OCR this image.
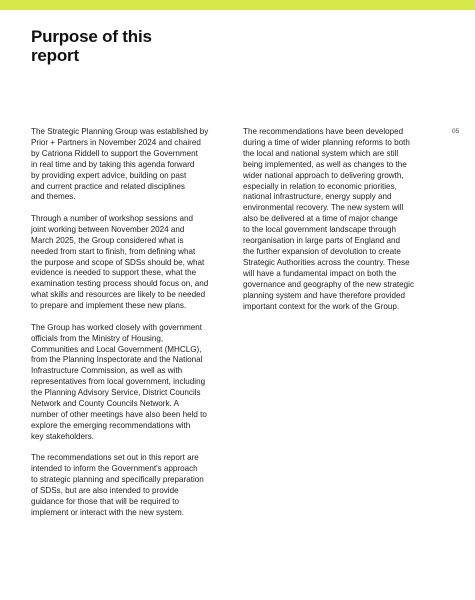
Purpose of this
report
05

The Strategic Planning Group was established by
Prior + Partners in November 2024 and chaired
by Catriona Riddell to support the Government
in real time and by taking this agenda forward
by providing expert advice, building on past
and current practice and related disciplines
and themes.

Through a number of workshop sessions and
joint working between November 2024 and
March 2025, the Group considered what is
needed from start to finish, from defining what
the purpose and scope of SDSs should be, what
evidence is needed to support these, what the
examination testing process should focus on, and
what skills and resources are likely to be needed
to prepare and implement these new plans.

The Group has worked closely with government
officials from the Ministry of Housing,
Communities and Local Government (MHCLG),
from the Planning Inspectorate and the National
Infrastructure Commission, as well as with
representatives from local government, including
the Planning Advisory Service, District Councils
Network and County Councils Network. A
number of other meetings have also been held to
explore the emerging recommendations with
key stakeholders.

The recommendations set out in this report are
intended to inform the Government's approach
to strategic planning and specifically preparation
of SDSs, but are also intended to provide
guidance for those that will be required to
implement or interact with the new system.

The recommendations have been developed
during a time of wider planning reforms to both
the local and national system which are still
being implemented, as well as changes to the
wider national approach to delivering growth,
especially in relation to economic priorities,
national infrastructure, energy supply and
environmental recovery. The new system will
also be delivered at a time of major change
to the local government landscape through
reorganisation in large parts of England and
the further expansion of devolution to create
Strategic Authorities across the country. These
will have a fundamental impact on both the
governance and geography of the new strategic
planning system and have therefore provided
important context for the work of the Group.
